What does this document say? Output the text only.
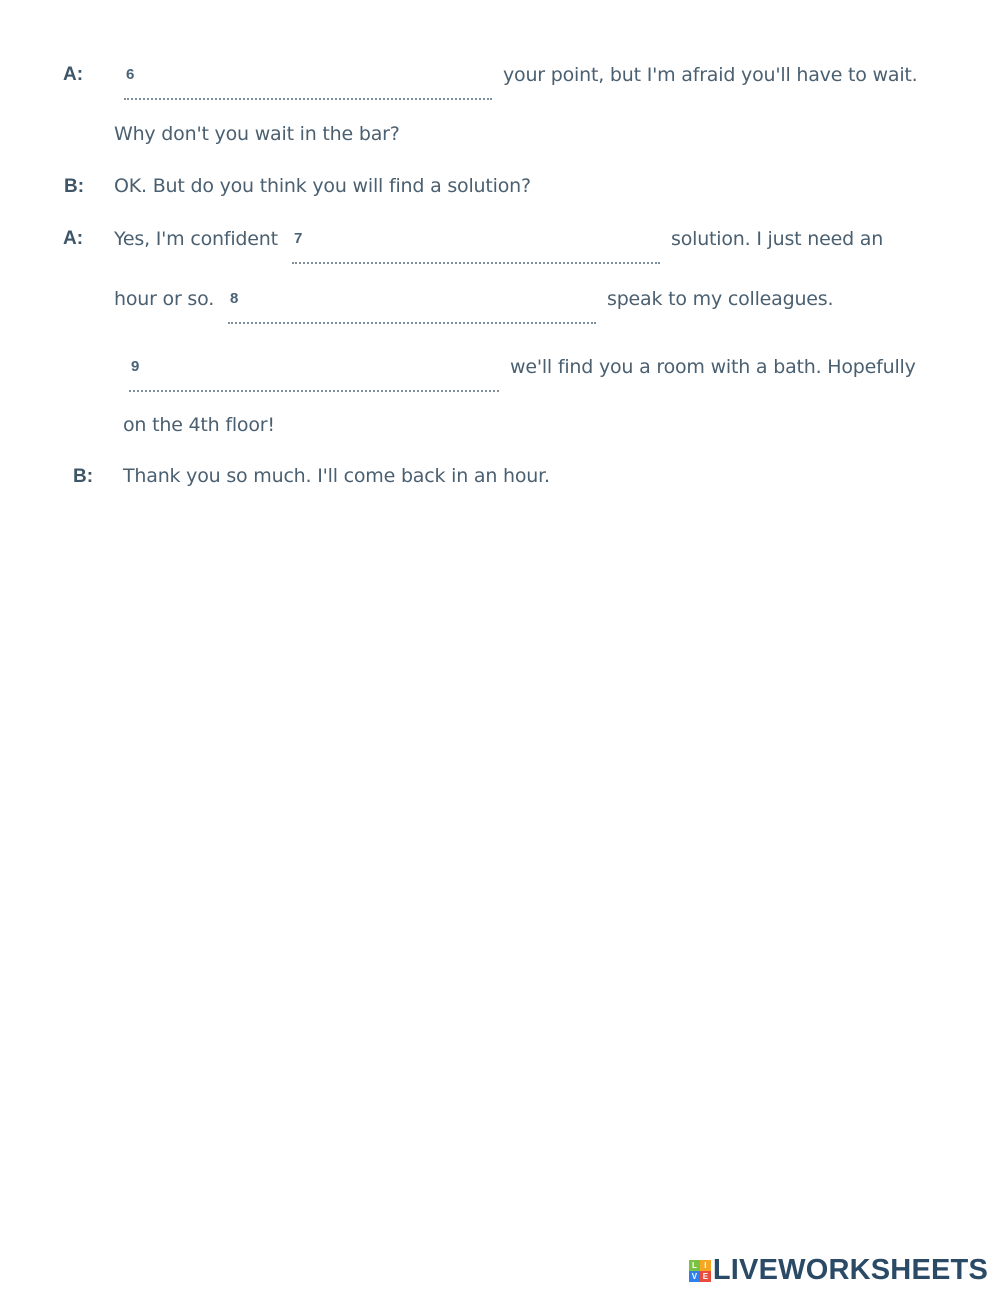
A:	6	your point, but I'm afraid you'll have to wait.
Why don't you wait in the bar?
B: OK. But do you think you will find a solution?
A: Yes, I'm confident 7	solution. I just need an
hour or so. 8	speak to my colleagues.
9	we'll find you a room with a bath. Hopefully
on the 4th floor!
B: Thank you so much. I'll come back in an hour.
L I
V E LIVEWORKSHEETS
